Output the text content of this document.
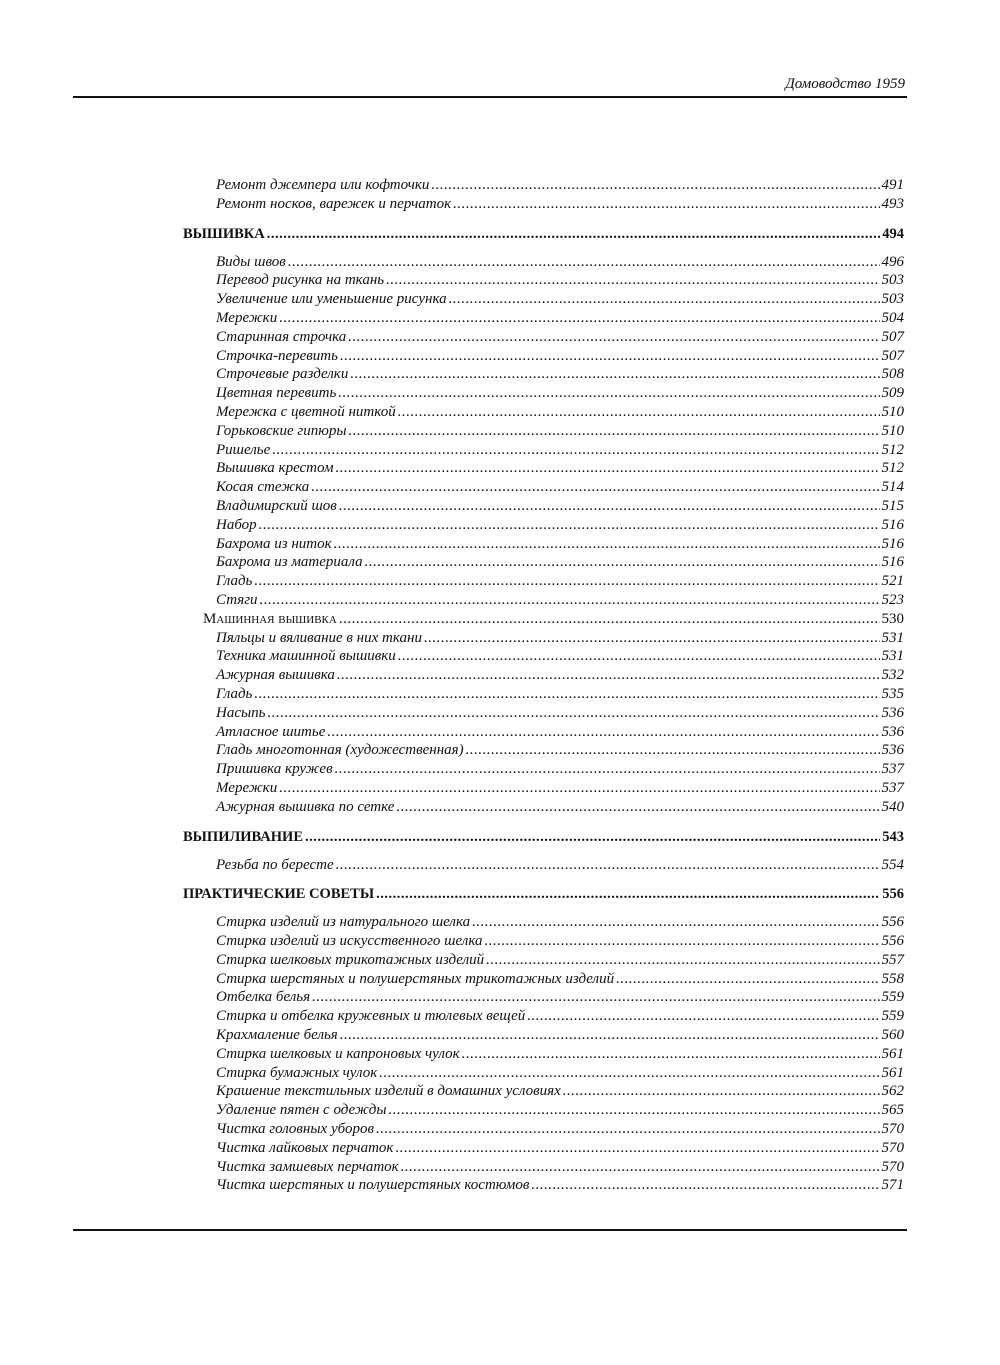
Домоводство 1959
Ремонт джемпера или кофточки .....	491
Ремонт носков, варежек и перчаток .....	493
ВЫШИВКА .....	494
Виды швов .....	496
Перевод рисунка на ткань .....	503
Увеличение или уменьшение рисунка .....	503
Мережки .....	504
Старинная строчка .....	507
Строчка-перевить .....	507
Строчевые разделки .....	508
Цветная перевить .....	509
Мережка с цветной ниткой .....	510
Горьковские гипюры .....	510
Ришелье .....	512
Вышивка крестом .....	512
Косая стежка .....	514
Владимирский шов .....	515
Набор .....	516
Бахрома из ниток .....	516
Бахрома из материала .....	516
Гладь .....	521
Стяги .....	523
Машинная вышивка .....	530
Пяльцы и вяливание в них ткани .....	531
Техника машинной вышивки .....	531
Ажурная вышивка .....	532
Гладь .....	535
Насыпь .....	536
Атласное шитье .....	536
Гладь многотонная (художественная) .....	536
Пришивка кружев .....	537
Мережки .....	537
Ажурная вышивка по сетке .....	540
ВЫПИЛИВАНИЕ .....	543
Резьба по бересте .....	554
ПРАКТИЧЕСКИЕ СОВЕТЫ .....	556
Стирка изделий из натурального шелка .....	556
Стирка изделий из искусственного шелка .....	556
Стирка шелковых трикотажных изделий .....	557
Стирка шерстяных и полушерстяных трикотажных изделий .....	558
Отбелка белья .....	559
Стирка и отбелка кружевных и тюлевых вещей .....	559
Крахмаление белья .....	560
Стирка шелковых и капроновых чулок .....	561
Стирка бумажных чулок .....	561
Крашение текстильных изделий в домашних условиях .....	562
Удаление пятен с одежды .....	565
Чистка головных уборов .....	570
Чистка лайковых перчаток .....	570
Чистка замшевых перчаток .....	570
Чистка шерстяных и полушерстяных костюмов .....	571
